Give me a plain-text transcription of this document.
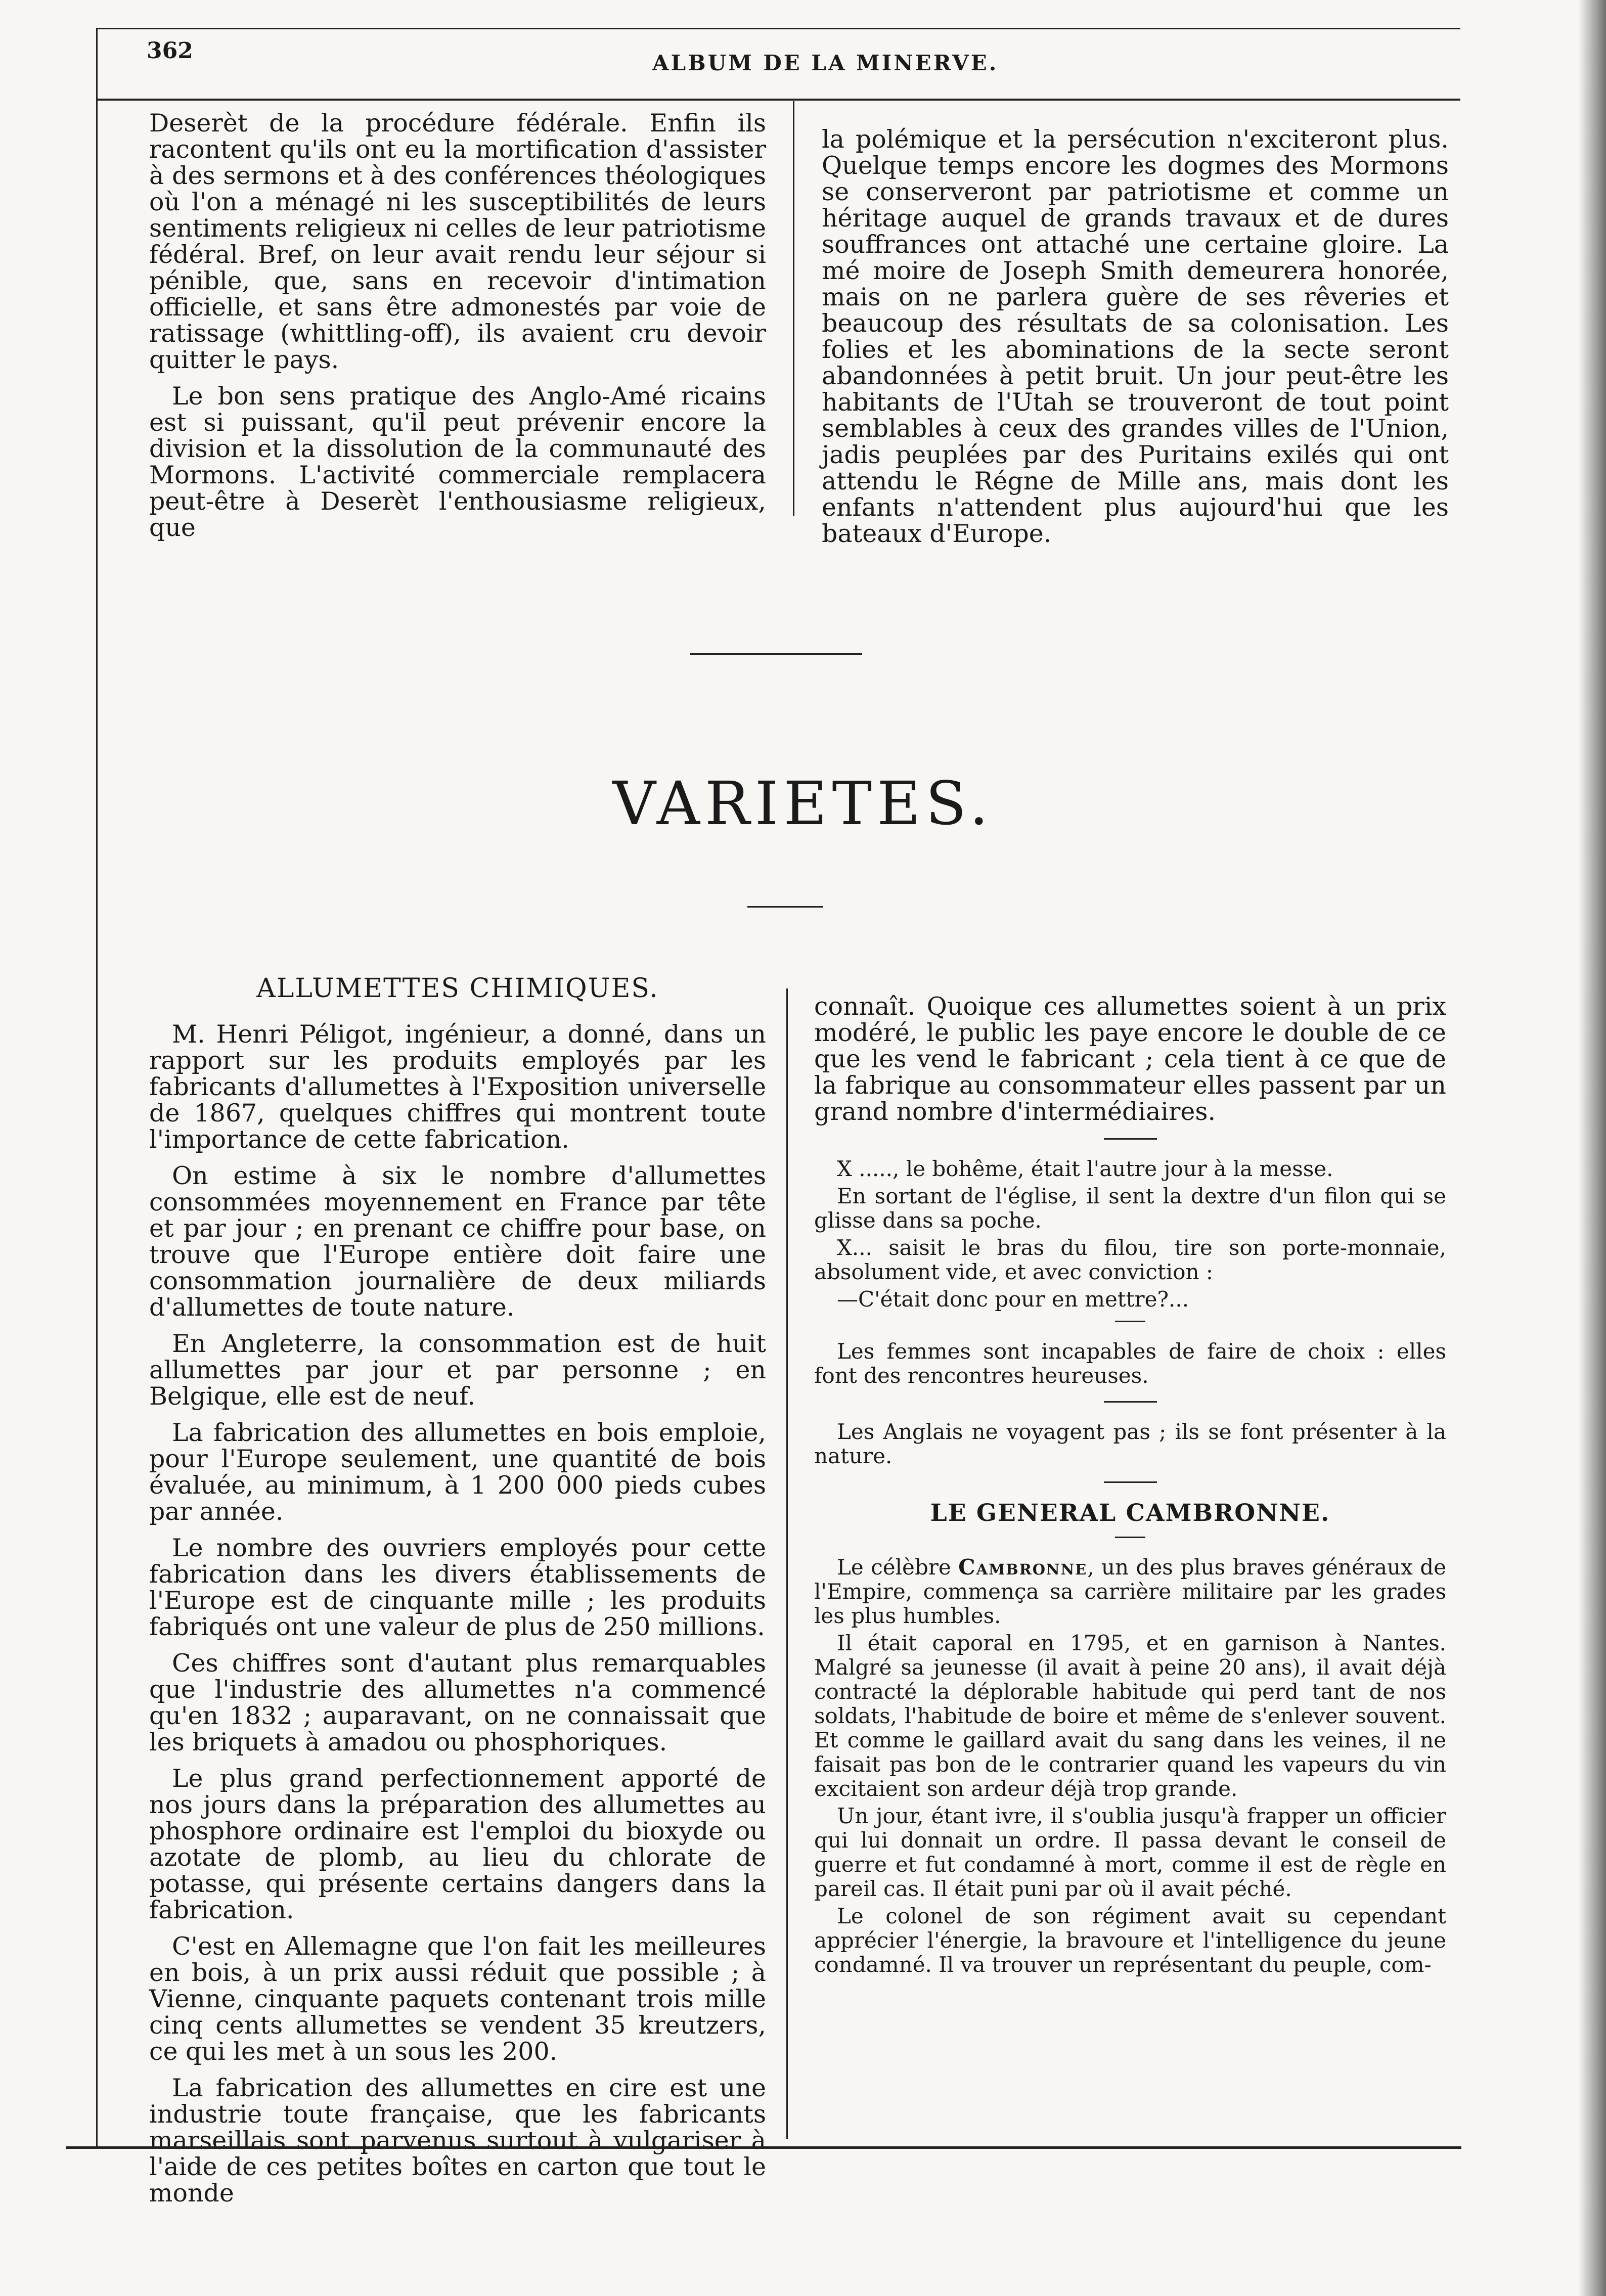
362	ALBUM DE LA MINERVE.

Deserèt de la procédure fédérale. Enfin ils racontent qu'ils ont eu la mortification d'assister à des sermons et à des conférences théologiques où l'on a ménagé ni les susceptibilités de leurs sentiments religieux ni celles de leur patriotisme fédéral. Bref, on leur avait rendu leur séjour si pénible, que, sans en recevoir d'intimation officielle, et sans être admonestés par voie de ratissage (whittling-off), ils avaient cru devoir quitter le pays.

Le bon sens pratique des Anglo-Amé ricains est si puissant, qu'il peut prévenir encore la division et la dissolution de la communauté des Mormons. L'activité commerciale remplacera peut-être à Deserèt l'enthousiasme religieux, que

la polémique et la persécution n'exciteront plus. Quelque temps encore les dogmes des Mormons se conserveront par patriotisme et comme un héritage auquel de grands travaux et de dures souffrances ont attaché une certaine gloire. La mé moire de Joseph Smith demeurera honorée, mais on ne parlera guère de ses rêveries et beaucoup des résultats de sa colonisation. Les folies et les abominations de la secte seront abandonnées à petit bruit. Un jour peut-être les habitants de l'Utah se trouveront de tout point semblables à ceux des grandes villes de l'Union, jadis peuplées par des Puritains exilés qui ont attendu le Régne de Mille ans, mais dont les enfants n'attendent plus aujourd'hui que les bateaux d'Europe.

VARIETES.
ALLUMETTES CHIMIQUES.

M. Henri Péligot, ingénieur, a donné, dans un rapport sur les produits employés par les fabricants d'allumettes à l'Exposition universelle de 1867, quelques chiffres qui montrent toute l'importance de cette fabrication.

On estime à six le nombre d'allumettes consommées moyennement en France par tête et par jour ; en prenant ce chiffre pour base, on trouve que l'Europe entière doit faire une consommation journalière de deux miliards d'allumettes de toute nature.

En Angleterre, la consommation est de huit allumettes par jour et par personne ; en Belgique, elle est de neuf.

La fabrication des allumettes en bois emploie, pour l'Europe seulement, une quantité de bois évaluée, au minimum, à 1 200 000 pieds cubes par année.

Le nombre des ouvriers employés pour cette fabrication dans les divers établissements de l'Europe est de cinquante mille ; les produits fabriqués ont une valeur de plus de 250 millions.

Ces chiffres sont d'autant plus remarquables que l'industrie des allumettes n'a commencé qu'en 1832 ; auparavant, on ne connaissait que les briquets à amadou ou phosphoriques.

Le plus grand perfectionnement apporté de nos jours dans la préparation des allumettes au phosphore ordinaire est l'emploi du bioxyde ou azotate de plomb, au lieu du chlorate de potasse, qui présente certains dangers dans la fabrication.

C'est en Allemagne que l'on fait les meilleures en bois, à un prix aussi réduit que possible ; à Vienne, cinquante paquets contenant trois mille cinq cents allumettes se vendent 35 kreutzers, ce qui les met à un sous les 200.

La fabrication des allumettes en cire est une industrie toute française, que les fabricants marseillais sont parvenus surtout à vulgariser à l'aide de ces petites boîtes en carton que tout le monde

connaît. Quoique ces allumettes soient à un prix modéré, le public les paye encore le double de ce que les vend le fabricant ; cela tient à ce que de la fabrique au consommateur elles passent par un grand nombre d'intermédiaires.

X ....., le bohême, était l'autre jour à la messe.

En sortant de l'église, il sent la dextre d'un filon qui se glisse dans sa poche.

X... saisit le bras du filou, tire son porte-monnaie, absolument vide, et avec conviction :

—C'était donc pour en mettre?...

Les femmes sont incapables de faire de choix : elles font des rencontres heureuses.

Les Anglais ne voyagent pas ; ils se font présenter à la nature.

LE GENERAL CAMBRONNE.

Le célèbre Cambronne, un des plus braves généraux de l'Empire, commença sa carrière militaire par les grades les plus humbles.

Il était caporal en 1795, et en garnison à Nantes. Malgré sa jeunesse (il avait à peine 20 ans), il avait déjà contracté la déplorable habitude qui perd tant de nos soldats, l'habitude de boire et même de s'enlever souvent. Et comme le gaillard avait du sang dans les veines, il ne faisait pas bon de le contrarier quand les vapeurs du vin excitaient son ardeur déjà trop grande.

Un jour, étant ivre, il s'oublia jusqu'à frapper un officier qui lui donnait un ordre. Il passa devant le conseil de guerre et fut condamné à mort, comme il est de règle en pareil cas. Il était puni par où il avait péché.

Le colonel de son régiment avait su cependant apprécier l'énergie, la bravoure et l'intelligence du jeune condamné. Il va trouver un représentant du peuple, com-
